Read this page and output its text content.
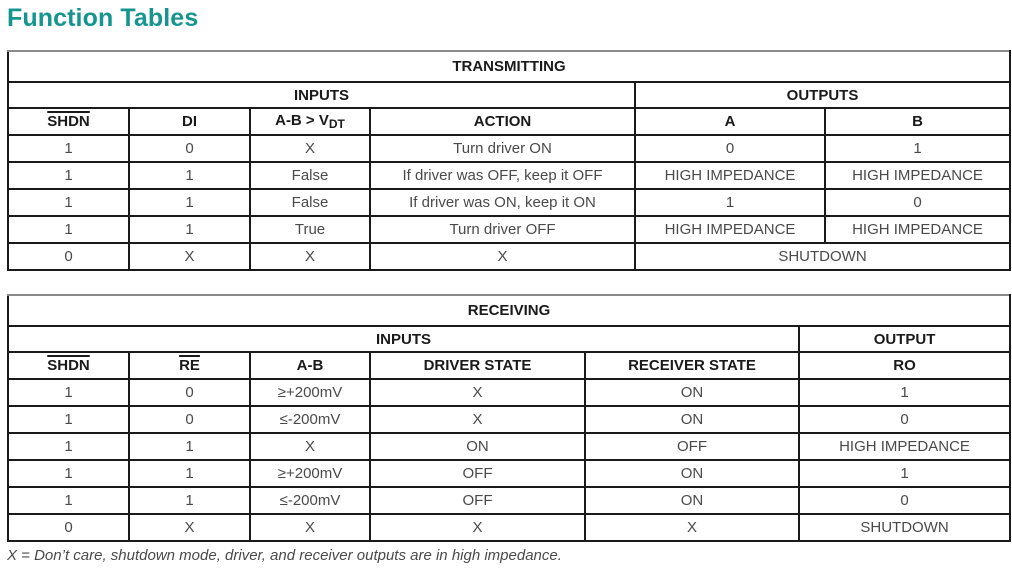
Function Tables
TRANSMITTING					
INPUTS				OUTPUTS	
SHDN	DI	$A-B > V_{DT}$	ACTION	A	B
1	0	X	Turn driver ON	0	1
1	1	False	If driver was OFF, keep it OFF	HIGH IMPEDANCE	HIGH IMPEDANCE
1	1	False	If driver was ON, keep it ON	1	0
1	1	True	Turn driver OFF	HIGH IMPEDANCE	HIGH IMPEDANCE
0	X	X	X	SHUTDOWN	
RECEIVING					
INPUTS					OUTPUT
SHDN	$\overline{RE}$	A-B	DRIVER STATE	RECEIVER STATE	RO
1	0	≥+200mV	X	ON	1
1	0	≤-200mV	X	ON	0
1	1	X	ON	OFF	HIGH IMPEDANCE
1	1	≥+200mV	OFF	ON	1
1	1	≤-200mV	OFF	ON	0
0	X	X	X	X	SHUTDOWN

X = Don’t care, shutdown mode, driver, and receiver outputs are in high impedance.
